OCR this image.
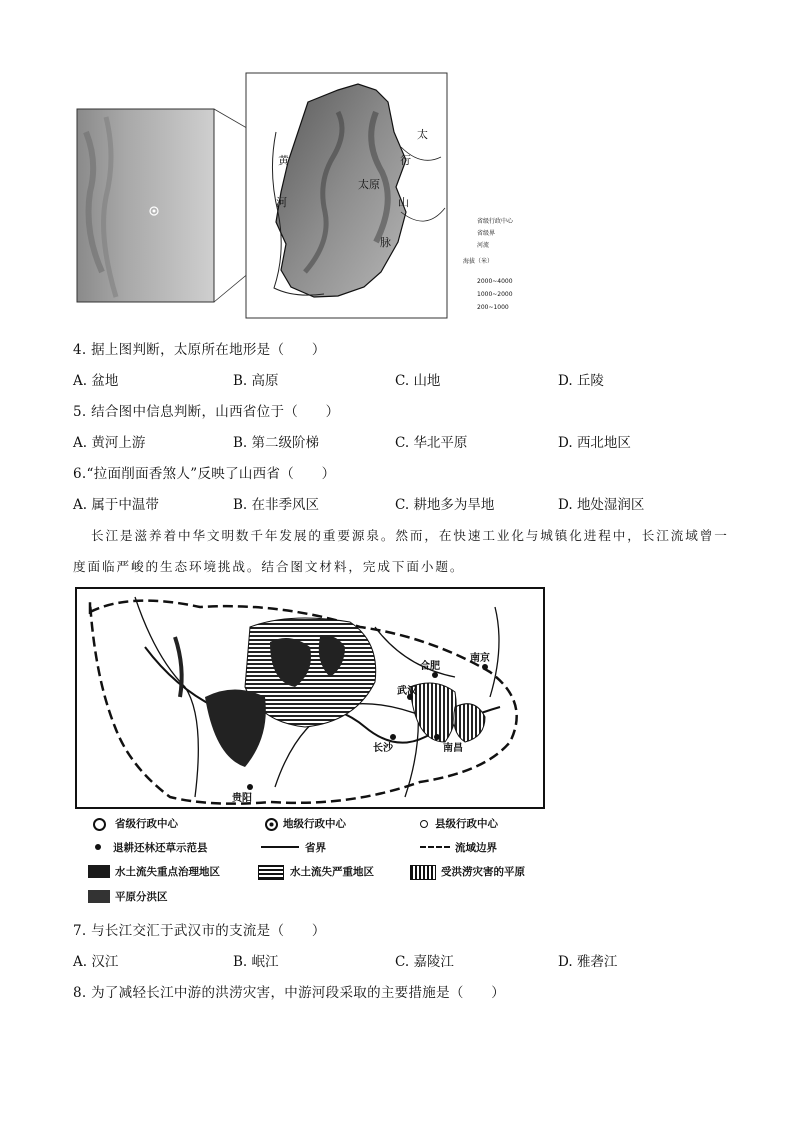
黄
河
太
行
山
脉
太原
省级行政中心
省级界
河流
海拔（米）
2000~4000
1000~2000
200~1000
4. 据上图判断，太原所在地形是（　　）
A. 盆地	B. 高原	C. 山地	D. 丘陵
5. 结合图中信息判断，山西省位于（　　）
A. 黄河上游	B. 第二级阶梯	C. 华北平原	D. 西北地区
6.“拉面削面香煞人”反映了山西省（　　）
A. 属于中温带	B. 在非季风区	C. 耕地多为旱地	D. 地处湿润区
长江是滋养着中华文明数千年发展的重要源泉。然而，在快速工业化与城镇化进程中，长江流域曾一
度面临严峻的生态环境挑战。结合图文材料，完成下面小题。
合肥
南京
武汉
长沙	南昌
贵阳
省级行政中心	地级行政中心	县级行政中心
退耕还林还草示范县	省界	流域边界
水土流失重点治理地区	水土流失严重地区	受洪涝灾害的平原
平原分洪区
7. 与长江交汇于武汉市的支流是（　　）
A. 汉江	B. 岷江	C. 嘉陵江	D. 雅砻江
8. 为了减轻长江中游的洪涝灾害，中游河段采取的主要措施是（　　）
